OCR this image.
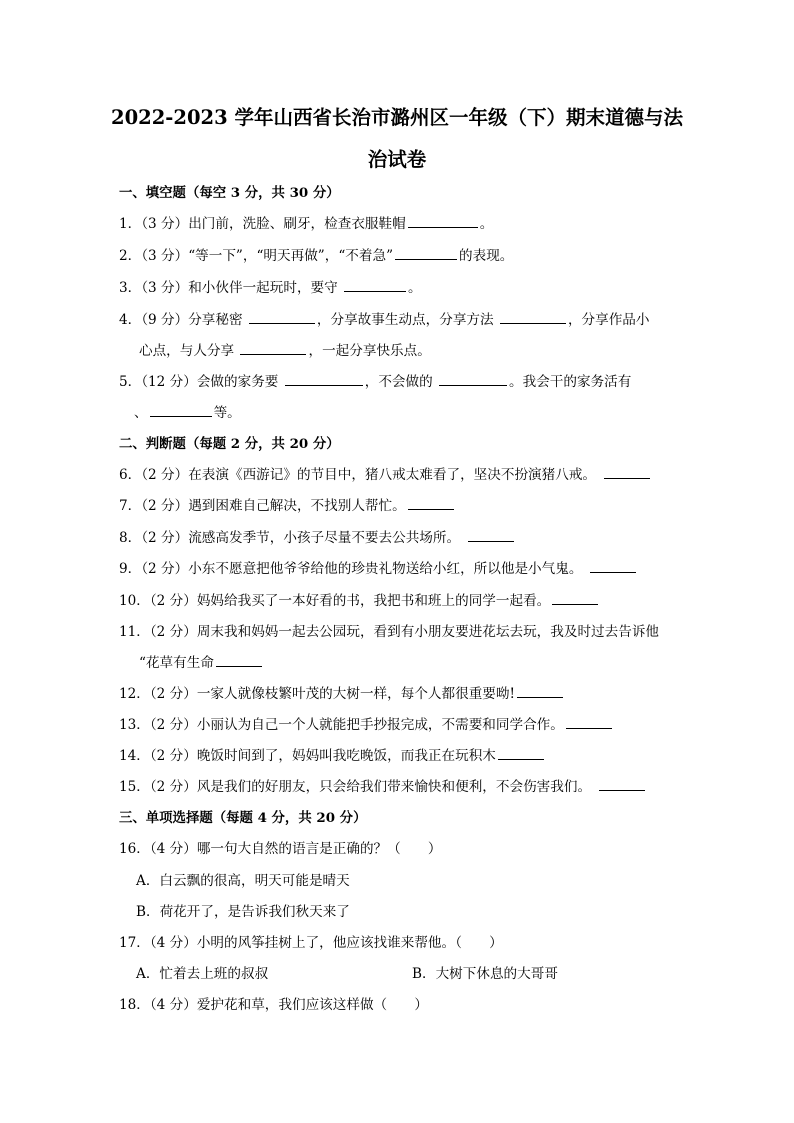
2022-2023 学年山西省长治市潞州区一年级（下）期末道德与法
治试卷
一、填空题（每空 3 分，共 30 分）
1．（3 分）出门前，洗脸、刷牙，检查衣服鞋帽	。
2．（3 分）“等一下”，“明天再做”，“不着急”	的表现。
3．（3 分）和小伙伴一起玩时，要守	。
4．（9 分）分享秘密	，分享故事生动点，分享方法	，分享作品小
心点，与人分享	，一起分享快乐点。
5．（12 分）会做的家务要	，不会做的	。我会干的家务活有
、	等。
二、判断题（每题 2 分，共 20 分）
6．（2 分）在表演《西游记》的节目中，猪八戒太难看了，坚决不扮演猪八戒。
7．（2 分）遇到困难自己解决，不找别人帮忙。
8．（2 分）流感高发季节，小孩子尽量不要去公共场所。
9．（2 分）小东不愿意把他爷爷给他的珍贵礼物送给小红，所以他是小气鬼。
10．（2 分）妈妈给我买了一本好看的书，我把书和班上的同学一起看。
11．（2 分）周末我和妈妈一起去公园玩，看到有小朋友要进花坛去玩，我及时过去告诉他
“花草有生命
12．（2 分）一家人就像枝繁叶茂的大树一样，每个人都很重要呦!
13．（2 分）小丽认为自己一个人就能把手抄报完成，不需要和同学合作。
14．（2 分）晚饭时间到了，妈妈叫我吃晚饭，而我正在玩积木
15．（2 分）风是我们的好朋友，只会给我们带来愉快和便利，不会伤害我们。
三、单项选择题（每题 4 分，共 20 分）
16．（4 分）哪一句大自然的语言是正确的？（　　）
A．白云飘的很高，明天可能是晴天
B．荷花开了，是告诉我们秋天来了
17．（4 分）小明的风筝挂树上了，他应该找谁来帮他。（　　）
A．忙着去上班的叔叔	B．大树下休息的大哥哥
18．（4 分）爱护花和草，我们应该这样做（　　）
